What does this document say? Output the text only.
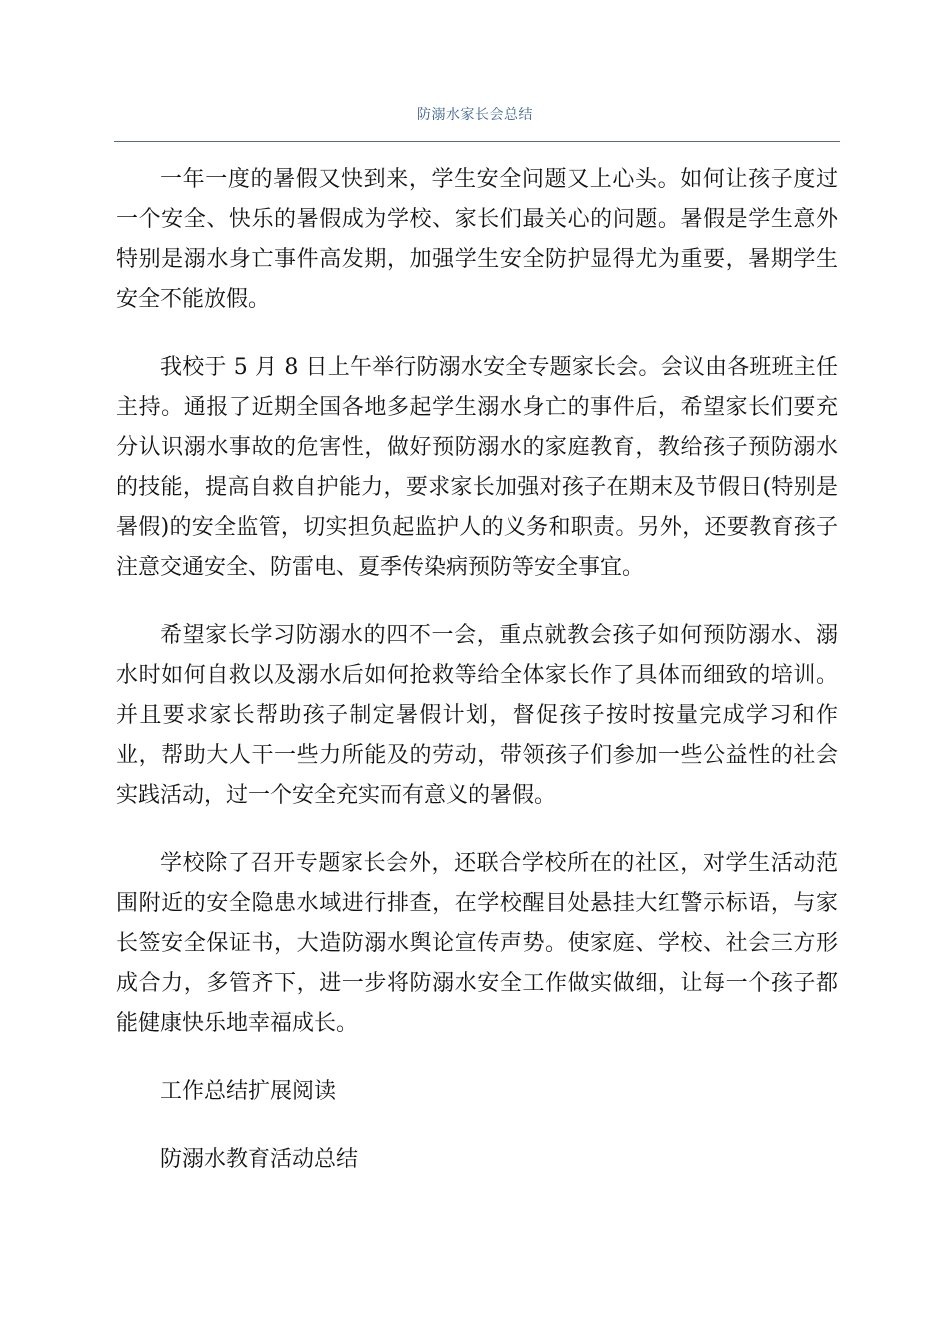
防溺水家长会总结

一年一度的暑假又快到来，学生安全问题又上心头。如何让孩子度过一个安全、快乐的暑假成为学校、家长们最关心的问题。暑假是学生意外特别是溺水身亡事件高发期，加强学生安全防护显得尤为重要，暑期学生安全不能放假。

我校于 5 月 8 日上午举行防溺水安全专题家长会。会议由各班班主任主持。通报了近期全国各地多起学生溺水身亡的事件后，希望家长们要充分认识溺水事故的危害性，做好预防溺水的家庭教育，教给孩子预防溺水的技能，提高自救自护能力，要求家长加强对孩子在期末及节假日(特别是暑假)的安全监管，切实担负起监护人的义务和职责。另外，还要教育孩子注意交通安全、防雷电、夏季传染病预防等安全事宜。

希望家长学习防溺水的四不一会，重点就教会孩子如何预防溺水、溺水时如何自救以及溺水后如何抢救等给全体家长作了具体而细致的培训。并且要求家长帮助孩子制定暑假计划，督促孩子按时按量完成学习和作业，帮助大人干一些力所能及的劳动，带领孩子们参加一些公益性的社会实践活动，过一个安全充实而有意义的暑假。

学校除了召开专题家长会外，还联合学校所在的社区，对学生活动范围附近的安全隐患水域进行排查，在学校醒目处悬挂大红警示标语，与家长签安全保证书，大造防溺水舆论宣传声势。使家庭、学校、社会三方形成合力，多管齐下，进一步将防溺水安全工作做实做细，让每一个孩子都能健康快乐地幸福成长。

工作总结扩展阅读

防溺水教育活动总结
